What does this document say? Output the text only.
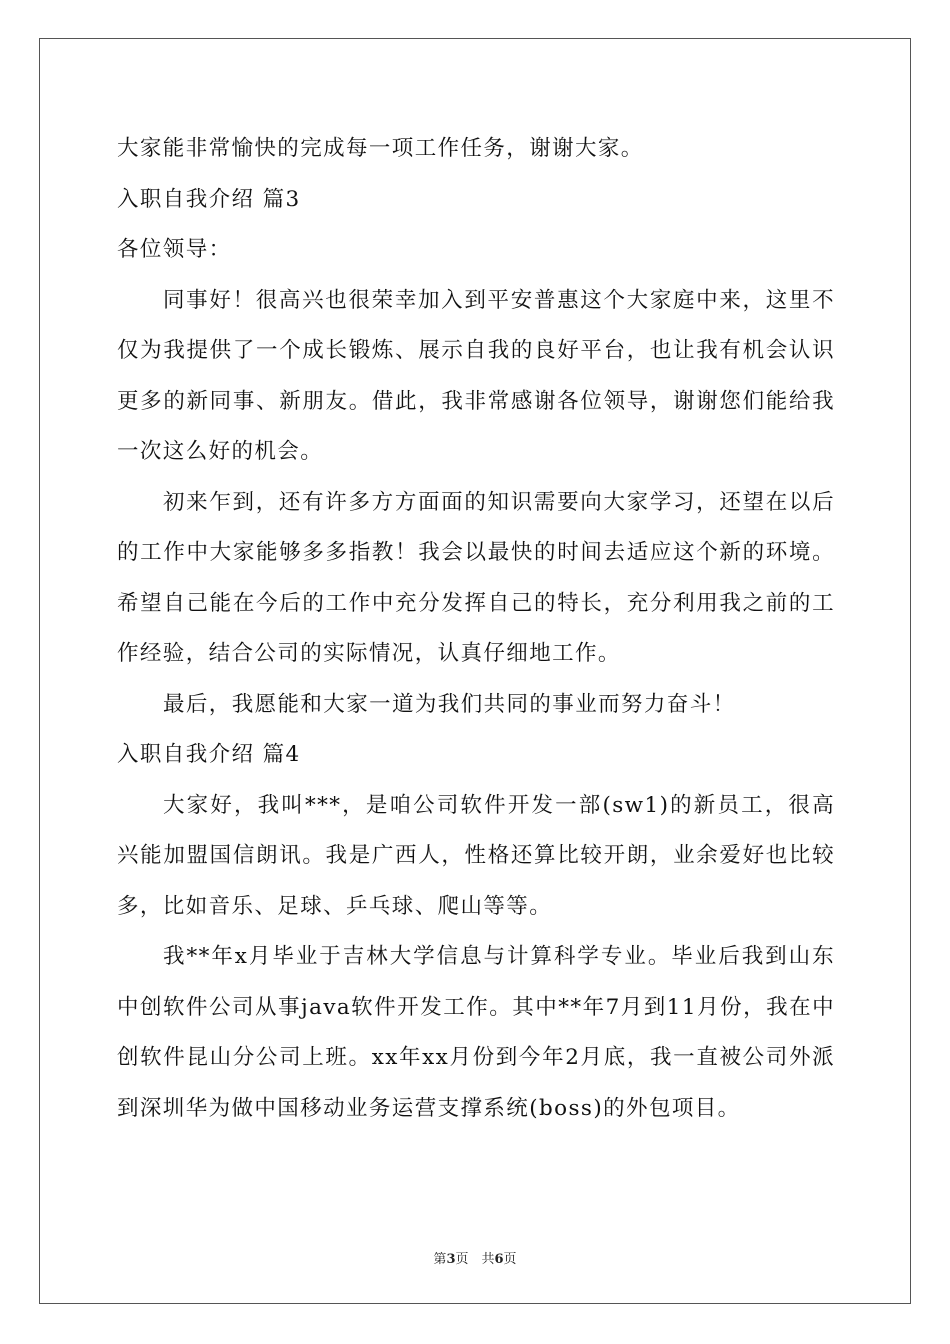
大家能非常愉快的完成每一项工作任务，谢谢大家。

入职自我介绍 篇3

各位领导：

同事好！很高兴也很荣幸加入到平安普惠这个大家庭中来，这里不仅为我提供了一个成长锻炼、展示自我的良好平台，也让我有机会认识更多的新同事、新朋友。借此，我非常感谢各位领导，谢谢您们能给我一次这么好的机会。

初来乍到，还有许多方方面面的知识需要向大家学习，还望在以后的工作中大家能够多多指教！我会以最快的时间去适应这个新的环境。希望自己能在今后的工作中充分发挥自己的特长，充分利用我之前的工作经验，结合公司的实际情况，认真仔细地工作。

最后，我愿能和大家一道为我们共同的事业而努力奋斗！

入职自我介绍 篇4

大家好，我叫***，是咱公司软件开发一部(sw1)的新员工，很高兴能加盟国信朗讯。我是广西人，性格还算比较开朗，业余爱好也比较多，比如音乐、足球、乒乓球、爬山等等。

我**年x月毕业于吉林大学信息与计算科学专业。毕业后我到山东中创软件公司从事java软件开发工作。其中**年7月到11月份，我在中创软件昆山分公司上班。xx年xx月份到今年2月底，我一直被公司外派到深圳华为做中国移动业务运营支撑系统(boss)的外包项目。

第3页　共6页
